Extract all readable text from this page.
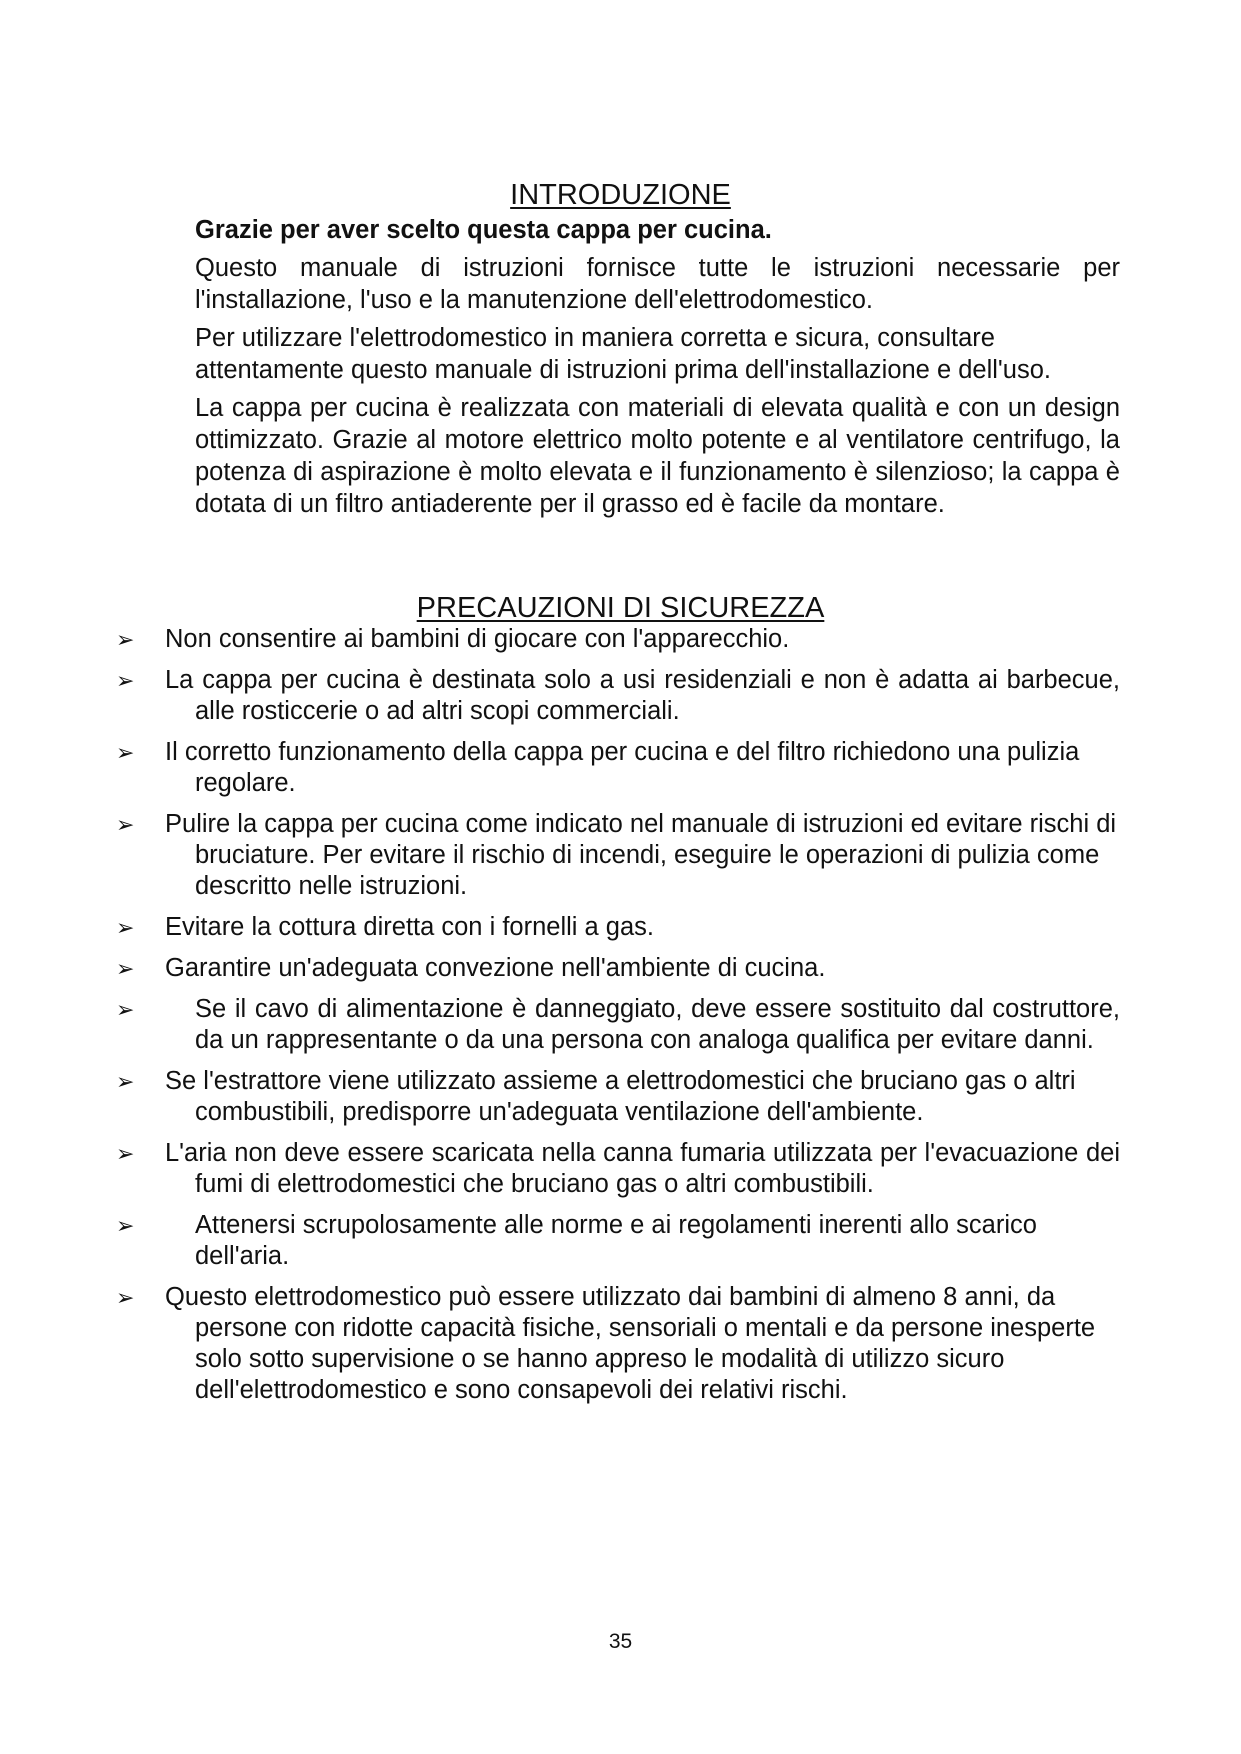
INTRODUZIONE
Grazie per aver scelto questa cappa per cucina.

Questo manuale di istruzioni fornisce tutte le istruzioni necessarie per l'installazione, l'uso e la manutenzione dell'elettrodomestico.

Per utilizzare l'elettrodomestico in maniera corretta e sicura, consultare attentamente questo manuale di istruzioni prima dell'installazione e dell'uso.

La cappa per cucina è realizzata con materiali di elevata qualità e con un design ottimizzato. Grazie al motore elettrico molto potente e al ventilatore centrifugo, la potenza di aspirazione è molto elevata e il funzionamento è silenzioso; la cappa è dotata di un filtro antiaderente per il grasso ed è facile da montare.

PRECAUZIONI DI SICUREZZA
➢ Non consentire ai bambini di giocare con l'apparecchio.
➢ La cappa per cucina è destinata solo a usi residenziali e non è adatta ai barbecue, alle rosticcerie o ad altri scopi commerciali.
➢ Il corretto funzionamento della cappa per cucina e del filtro richiedono una pulizia regolare.
➢ Pulire la cappa per cucina come indicato nel manuale di istruzioni ed evitare rischi di bruciature. Per evitare il rischio di incendi, eseguire le operazioni di pulizia come descritto nelle istruzioni.
➢ Evitare la cottura diretta con i fornelli a gas.
➢ Garantire un'adeguata convezione nell'ambiente di cucina.
➢ Se il cavo di alimentazione è danneggiato, deve essere sostituito dal costruttore, da un rappresentante o da una persona con analoga qualifica per evitare danni.
➢ Se l'estrattore viene utilizzato assieme a elettrodomestici che bruciano gas o altri combustibili, predisporre un'adeguata ventilazione dell'ambiente.
➢ L'aria non deve essere scaricata nella canna fumaria utilizzata per l'evacuazione dei fumi di elettrodomestici che bruciano gas o altri combustibili.
➢ Attenersi scrupolosamente alle norme e ai regolamenti inerenti allo scarico dell'aria.
➢ Questo elettrodomestico può essere utilizzato dai bambini di almeno 8 anni, da persone con ridotte capacità fisiche, sensoriali o mentali e da persone inesperte solo sotto supervisione o se hanno appreso le modalità di utilizzo sicuro dell'elettrodomestico e sono consapevoli dei relativi rischi.

35
